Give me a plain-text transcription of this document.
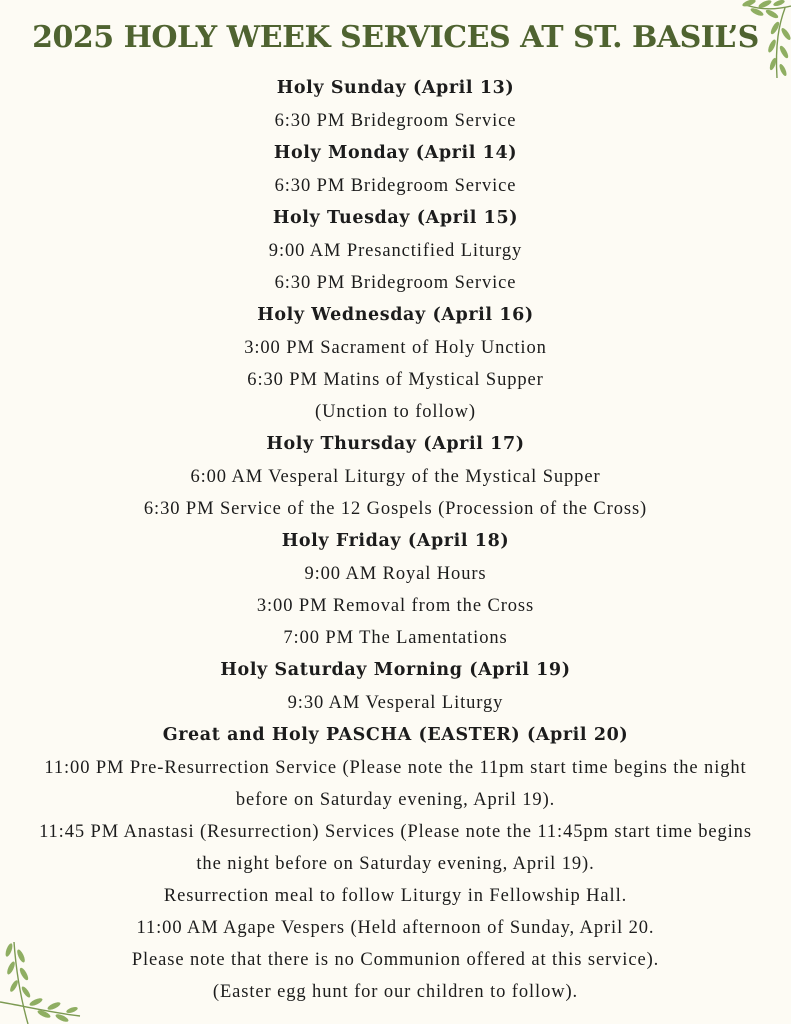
2025 HOLY WEEK SERVICES AT ST. BASIL’S
Holy Sunday (April 13)
6:30 PM Bridegroom Service
Holy Monday (April 14)
6:30 PM Bridegroom Service
Holy Tuesday (April 15)
9:00 AM Presanctified Liturgy
6:30 PM Bridegroom Service
Holy Wednesday (April 16)
3:00 PM Sacrament of Holy Unction
6:30 PM Matins of Mystical Supper
(Unction to follow)
Holy Thursday (April 17)
6:00 AM Vesperal Liturgy of the Mystical Supper
6:30 PM Service of the 12 Gospels (Procession of the Cross)
Holy Friday (April 18)
9:00 AM Royal Hours
3:00 PM Removal from the Cross
7:00 PM The Lamentations
Holy Saturday Morning (April 19)
9:30 AM Vesperal Liturgy
Great and Holy PASCHA (EASTER) (April 20)
11:00 PM Pre-Resurrection Service (Please note the 11pm start time begins the night
before on Saturday evening, April 19).
11:45 PM Anastasi (Resurrection) Services (Please note the 11:45pm start time begins
the night before on Saturday evening, April 19).
Resurrection meal to follow Liturgy in Fellowship Hall.
11:00 AM Agape Vespers (Held afternoon of Sunday, April 20.
Please note that there is no Communion offered at this service).
(Easter egg hunt for our children to follow).
